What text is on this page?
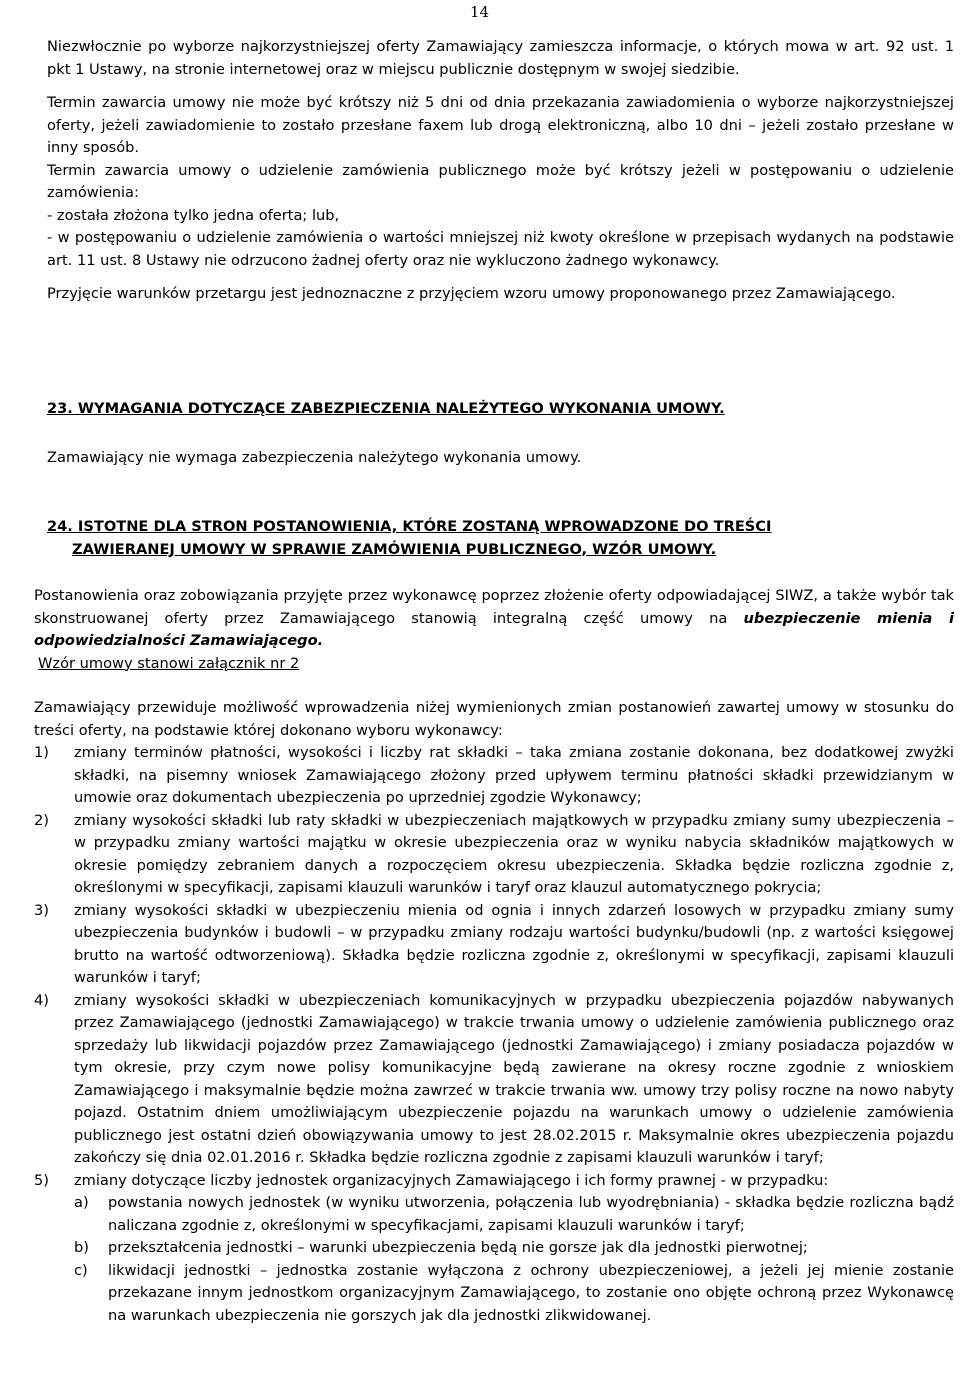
14

Niezwłocznie po wyborze najkorzystniejszej oferty Zamawiający zamieszcza informacje, o których mowa w art. 92 ust. 1 pkt 1 Ustawy, na stronie internetowej oraz w miejscu publicznie dostępnym w swojej siedzibie.

Termin zawarcia umowy nie może być krótszy niż 5 dni od dnia przekazania zawiadomienia o wyborze najkorzystniejszej oferty, jeżeli zawiadomienie to zostało przesłane faxem lub drogą elektroniczną, albo 10 dni – jeżeli zostało przesłane w inny sposób.

Termin zawarcia umowy o udzielenie zamówienia publicznego może być krótszy jeżeli w postępowaniu o udzielenie zamówienia:

- została złożona tylko jedna oferta; lub,

- w postępowaniu o udzielenie zamówienia o wartości mniejszej niż kwoty określone w przepisach wydanych na podstawie art. 11 ust. 8 Ustawy nie odrzucono żadnej oferty oraz nie wykluczono żadnego wykonawcy.

Przyjęcie warunków przetargu jest jednoznaczne z przyjęciem wzoru umowy proponowanego przez Zamawiającego.

23. WYMAGANIA DOTYCZĄCE ZABEZPIECZENIA NALEŻYTEGO WYKONANIA UMOWY.

Zamawiający nie wymaga zabezpieczenia należytego wykonania umowy.

24. ISTOTNE DLA STRON POSTANOWIENIA, KTÓRE ZOSTANĄ WPROWADZONE DO TREŚCI

ZAWIERANEJ UMOWY W SPRAWIE ZAMÓWIENIA PUBLICZNEGO, WZÓR UMOWY.

Postanowienia oraz zobowiązania przyjęte przez wykonawcę poprzez złożenie oferty odpowiadającej SIWZ, a także wybór tak skonstruowanej oferty przez Zamawiającego stanowią integralną część umowy na ubezpieczenie mienia i odpowiedzialności Zamawiającego.

Wzór umowy stanowi załącznik nr 2

Zamawiający przewiduje możliwość wprowadzenia niżej wymienionych zmian postanowień zawartej umowy w stosunku do treści oferty, na podstawie której dokonano wyboru wykonawcy:

1) zmiany terminów płatności, wysokości i liczby rat składki – taka zmiana zostanie dokonana, bez dodatkowej zwyżki składki, na pisemny wniosek Zamawiającego złożony przed upływem terminu płatności składki przewidzianym w umowie oraz dokumentach ubezpieczenia po uprzedniej zgodzie Wykonawcy;
2) zmiany wysokości składki lub raty składki w ubezpieczeniach majątkowych w przypadku zmiany sumy ubezpieczenia – w przypadku zmiany wartości majątku w okresie ubezpieczenia oraz w wyniku nabycia składników majątkowych w okresie pomiędzy zebraniem danych a rozpoczęciem okresu ubezpieczenia. Składka będzie rozliczna zgodnie z, określonymi w specyfikacji, zapisami klauzuli warunków i taryf oraz klauzul automatycznego pokrycia;
3) zmiany wysokości składki w ubezpieczeniu mienia od ognia i innych zdarzeń losowych w przypadku zmiany sumy ubezpieczenia budynków i budowli – w przypadku zmiany rodzaju wartości budynku/budowli (np. z wartości księgowej brutto na wartość odtworzeniową). Składka będzie rozliczna zgodnie z, określonymi w specyfikacji, zapisami klauzuli warunków i taryf;
4) zmiany wysokości składki w ubezpieczeniach komunikacyjnych w przypadku ubezpieczenia pojazdów nabywanych przez Zamawiającego (jednostki Zamawiającego) w trakcie trwania umowy o udzielenie zamówienia publicznego oraz sprzedaży lub likwidacji pojazdów przez Zamawiającego (jednostki Zamawiającego) i zmiany posiadacza pojazdów w tym okresie, przy czym nowe polisy komunikacyjne będą zawierane na okresy roczne zgodnie z wnioskiem Zamawiającego i maksymalnie będzie można zawrzeć w trakcie trwania ww. umowy trzy polisy roczne na nowo nabyty pojazd. Ostatnim dniem umożliwiającym ubezpieczenie pojazdu na warunkach umowy o udzielenie zamówienia publicznego jest ostatni dzień obowiązywania umowy to jest 28.02.2015 r. Maksymalnie okres ubezpieczenia pojazdu zakończy się dnia 02.01.2016 r. Składka będzie rozliczna zgodnie z zapisami klauzuli warunków i taryf;
5) zmiany dotyczące liczby jednostek organizacyjnych Zamawiającego i ich formy prawnej - w przypadku:
a) powstania nowych jednostek (w wyniku utworzenia, połączenia lub wyodrębniania) - składka będzie rozliczna bądź naliczana zgodnie z, określonymi w specyfikacjami, zapisami klauzuli warunków i taryf;
b) przekształcenia jednostki – warunki ubezpieczenia będą nie gorsze jak dla jednostki pierwotnej;
c) likwidacji jednostki – jednostka zostanie wyłączona z ochrony ubezpieczeniowej, a jeżeli jej mienie zostanie przekazane innym jednostkom organizacyjnym Zamawiającego, to zostanie ono objęte ochroną przez Wykonawcę na warunkach ubezpieczenia nie gorszych jak dla jednostki zlikwidowanej.
